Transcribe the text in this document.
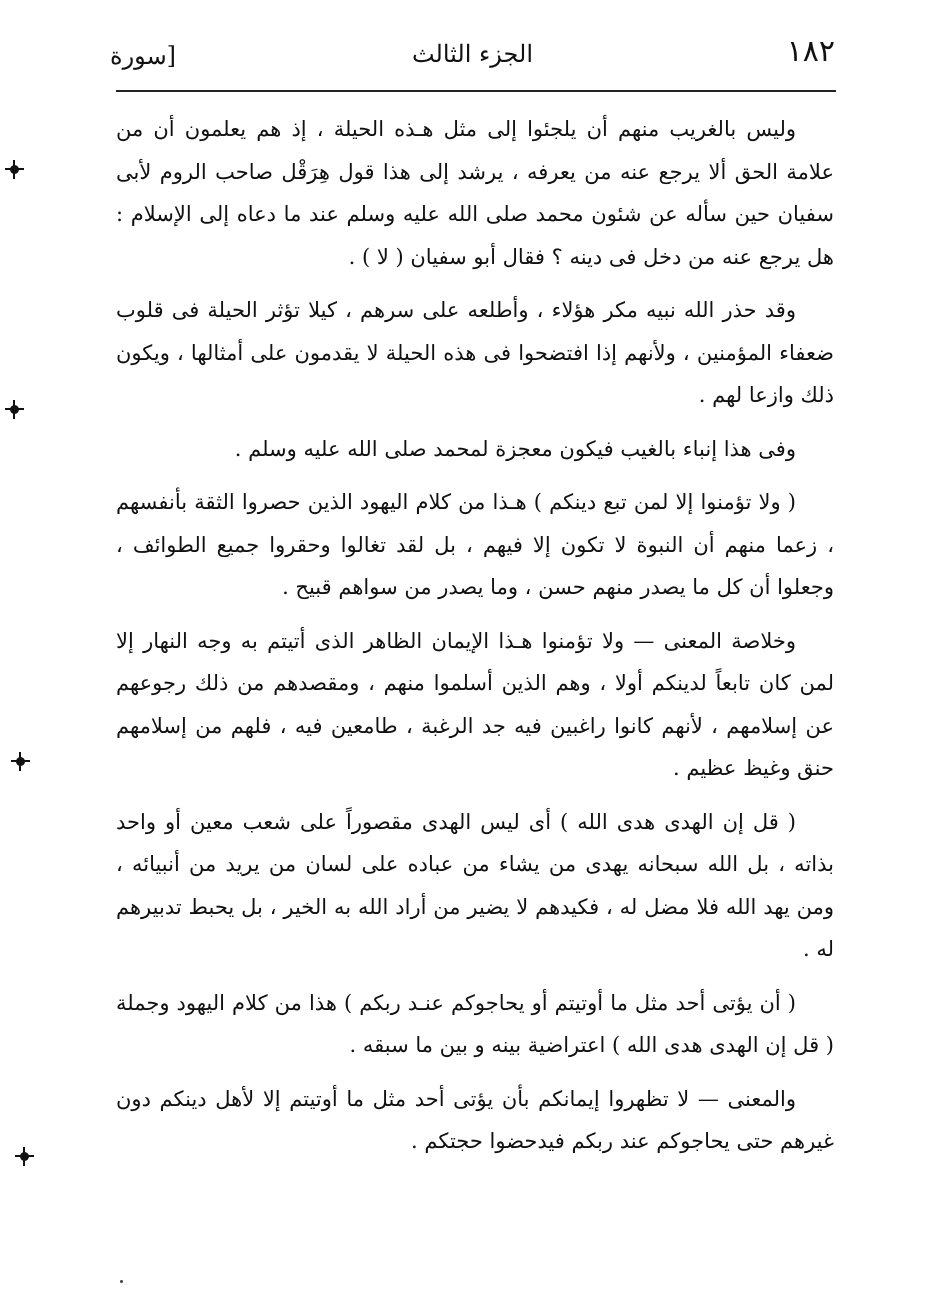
١٨٢
الجزء الثالث
[سورة

وليس بالغريب منهم أن يلجئوا إلى مثل هـذه الحيلة ، إذ هم يعلمون أن من علامة الحق ألا يرجع عنه من يعرفه ، يرشد إلى هذا قول هِرَقْل صاحب الروم لأبى سفيان حين سأله عن شئون محمد صلى الله عليه وسلم عند ما دعاه إلى الإسلام : هل يرجع عنه من دخل فى دينه ؟ فقال أبو سفيان ( لا ) .

وقد حذر الله نبيه مكر هؤلاء ، وأطلعه على سرهم ، كيلا تؤثر الحيلة فى قلوب ضعفاء المؤمنين ، ولأنهم إذا افتضحوا فى هذه الحيلة لا يقدمون على أمثالها ، ويكون ذلك وازعا لهم .

وفى هذا إنباء بالغيب فيكون معجزة لمحمد صلى الله عليه وسلم .

( ولا تؤمنوا إلا لمن تبع دينكم ) هـذا من كلام اليهود الذين حصروا الثقة بأنفسهم ، زعما منهم أن النبوة لا تكون إلا فيهم ، بل لقد تغالوا وحقروا جميع الطوائف ، وجعلوا أن كل ما يصدر منهم حسن ، وما يصدر من سواهم قبيح .

وخلاصة المعنى — ولا تؤمنوا هـذا الإيمان الظاهر الذى أتيتم به وجه النهار إلا لمن كان تابعاً لدينكم أولا ، وهم الذين أسلموا منهم ، ومقصدهم من ذلك رجوعهم عن إسلامهم ، لأنهم كانوا راغبين فيه جد الرغبة ، طامعين فيه ، فلهم من إسلامهم حنق وغيظ عظيم .

( قل إن الهدى هدى الله ) أى ليس الهدى مقصوراً على شعب معين أو واحد بذاته ، بل الله سبحانه يهدى من يشاء من عباده على لسان من يريد من أنبيائه ، ومن يهد الله فلا مضل له ، فكيدهم لا يضير من أراد الله به الخير ، بل يحبط تدبيرهم له .

( أن يؤتى أحد مثل ما أوتيتم أو يحاجوكم عنـد ربكم ) هذا من كلام اليهود وجملة ( قل إن الهدى هدى الله ) اعتراضية بينه و بين ما سبقه .

والمعنى — لا تظهروا إيمانكم بأن يؤتى أحد مثل ما أوتيتم إلا لأهل دينكم دون غيرهم حتى يحاجوكم عند ربكم فيدحضوا حجتكم .
